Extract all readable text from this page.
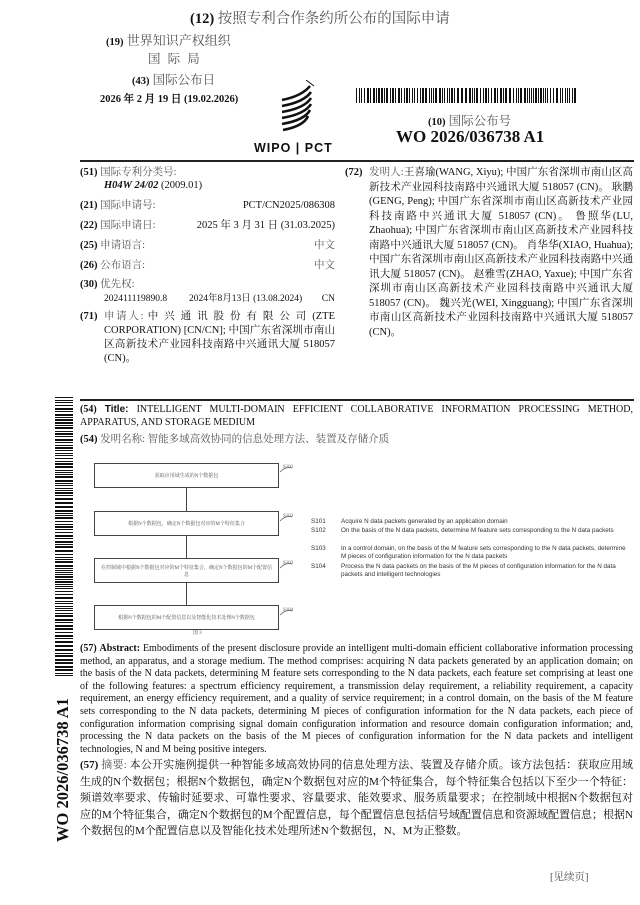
(12) 按照专利合作条约所公布的国际申请
(19) 世界知识产权组织
国 际 局
(43) 国际公布日
2026 年 2 月 19 日 (19.02.2026)
WIPO | PCT
(10) 国际公布号
WO 2026/036738 A1
(51) 国际专利分类号:
H04W 24/02 (2009.01)
(21) 国际申请号:	PCT/CN2025/086308
(22) 国际申请日:	2025 年 3 月 31 日 (31.03.2025)
(25) 申请语言:	中文
(26) 公布语言:	中文
(30) 优先权:
202411119890.8 2024年8月13日 (13.08.2024) CN
(71) 申请人: 中 兴 通 讯 股 份 有 限 公 司 (ZTE CORPORATION) [CN/CN]; 中国广东省深圳市南山区高新技术产业园科技南路中兴通讯大厦 518057 (CN)。
(72) 发明人:王喜瑜(WANG, Xiyu); 中国广东省深圳市南山区高新技术产业园科技南路中兴通讯大厦 518057 (CN)。 耿鹏(GENG, Peng); 中国广东省深圳市南山区高新技术产业园科技南路中兴通讯大厦 518057 (CN)。 鲁照华(LU, Zhaohua); 中国广东省深圳市南山区高新技术产业园科技南路中兴通讯大厦 518057 (CN)。 肖华华(XIAO, Huahua); 中国广东省深圳市南山区高新技术产业园科技南路中兴通讯大厦 518057 (CN)。 赵雅雪(ZHAO, Yaxue); 中国广东省深圳市南山区高新技术产业园科技南路中兴通讯大厦 518057 (CN)。 魏兴光(WEI, Xingguang); 中国广东省深圳市南山区高新技术产业园科技南路中兴通讯大厦 518057 (CN)。
WO 2026/036738 A1
(54) Title: INTELLIGENT MULTI-DOMAIN EFFICIENT COLLABORATIVE INFORMATION PROCESSING METHOD, APPARATUS, AND STORAGE MEDIUM
(54) 发明名称: 智能多域高效协同的信息处理方法、装置及存储介质
获取应用域生成的N个数据包
根据N个数据包，确定N个数据包对应的M个特征集合
在控制域中根据N个数据包对应的M个特征集合，确定N个数据包的M个配置信息
根据N个数据包的M个配置信息以及智能化技术处理N个数据包
S101
S102
S103
S104
图 3
S101 Acquire N data packets generated by an application domain
S102 On the basis of the N data packets, determine M feature sets corresponding to the N data packets
S103 In a control domain, on the basis of the M feature sets corresponding to the N data packets, determine M pieces of configuration information for the N data packets
S104 Process the N data packets on the basis of the M pieces of configuration information for the N data packets and intelligent technologies
(57) Abstract: Embodiments of the present disclosure provide an intelligent multi-domain efficient collaborative information processing method, an apparatus, and a storage medium. The method comprises: acquiring N data packets generated by an application domain; on the basis of the N data packets, determining M feature sets corresponding to the N data packets, each feature set comprising at least one of the following features: a spectrum efficiency requirement, a transmission delay requirement, a reliability requirement, a capacity requirement, an energy efficiency requirement, and a quality of service requirement; in a control domain, on the basis of the M feature sets corresponding to the N data packets, determining M pieces of configuration information for the N data packets, each piece of configuration information comprising signal domain configuration information and resource domain configuration information; and, processing the N data packets on the basis of the M pieces of configuration information for the N data packets and intelligent technologies, N and M being positive integers.
(57) 摘要: 本公开实施例提供一种智能多域高效协同的信息处理方法、装置及存储介质。该方法包括：获取应用域生成的N个数据包；根据N个数据包，确定N个数据包对应的M个特征集合，每个特征集合包括以下至少一个特征：频谱效率要求、传输时延要求、可靠性要求、容量要求、能效要求、服务质量要求；在控制域中根据N个数据包对应的M个特征集合，确定N个数据包的M个配置信息，每个配置信息包括信号域配置信息和资源域配置信息；根据N个数据包的M个配置信息以及智能化技术处理所述N个数据包，N、M为正整数。
[见续页]
